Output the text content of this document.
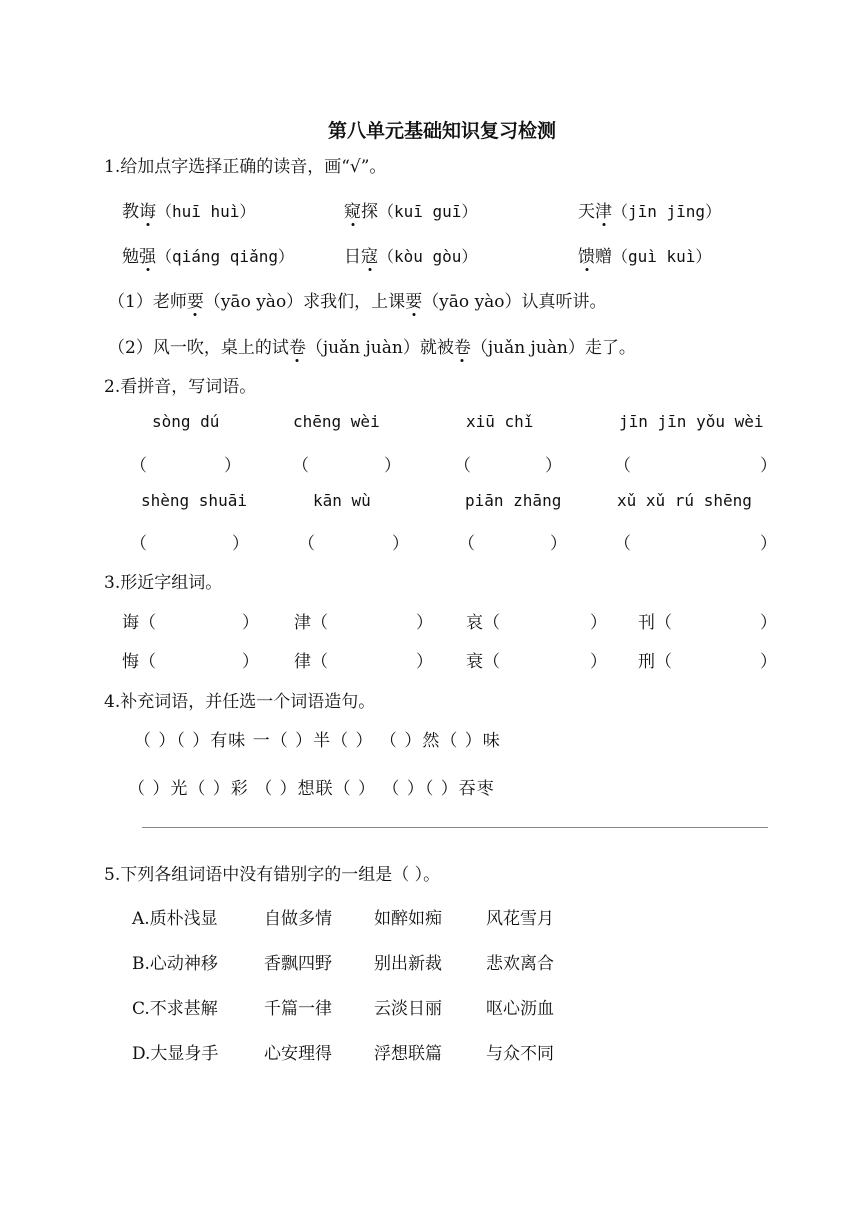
第八单元基础知识复习检测
1.给加点字选择正确的读音，画“√”。
教诲（huī huì）	窥探（kuī guī）	天津（jīn jīng）
勉强（qiáng qiǎng）	日寇（kòu gòu）	馈赠（guì kuì）
（1）老师要（yāo yào）求我们，上课要（yāo yào）认真听讲。
（2）风一吹，桌上的试卷（juǎn juàn）就被卷（juǎn juàn）走了。
2.看拼音，写词语。
sòng dú	chēng wèi	xiū chǐ	jīn jīn yǒu wèi
（	）	（	）	（	）	（	）
shèng shuāi	kān wù	piān zhāng	xǔ xǔ rú shēng
（	）	（	）	（	）	（	）
3.形近字组词。
诲（	） 津（	） 哀（	） 刊（	）
悔（	） 律（	） 衰（	） 刑（	）
4.补充词语，并任选一个词语造句。
（ ）（ ）有味 一（ ）半（ ） （ ）然（ ）味
（ ）光（ ）彩 （ ）想联（ ） （ ）（ ）吞枣
5.下列各组词语中没有错别字的一组是（ ）。
A.质朴浅显	自做多情 如醉如痴	风花雪月
B.心动神移	香飘四野 别出新裁	悲欢离合
C.不求甚解	千篇一律 云淡日丽	呕心沥血
D.大显身手	心安理得 浮想联篇	与众不同
